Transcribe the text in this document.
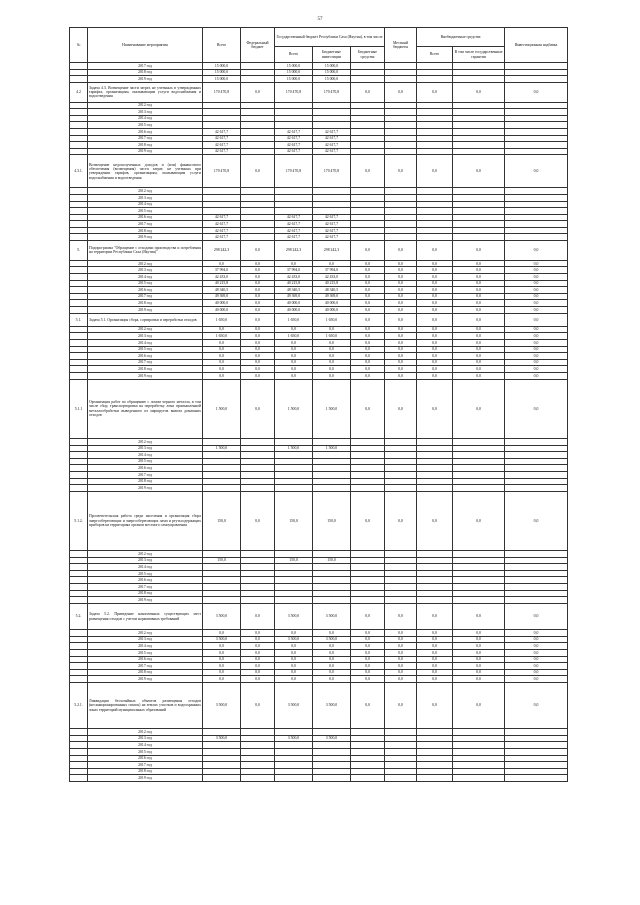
57
№	Наименование мероприятия	Всего	Федеральный бюджет	Государственный бюджет Республики Саха (Якутия), в том числе			Местный бюджеты	Внебюджетные средства		Инвестиционная надбавка
				Всего	Бюджетные инвестиции	Бюджетные средства		Всего	В том числе государственные гарантии	

	2017 год	15 000,0		15 000,0	15 000,0					
	2018 год	15 000,0		15 000,0	15 000,0					
	2019 год	15 000,0		15 000,0	15 000,0					
4.2	Задача 4.3. Возмещение части затрат, не учтенных в утвержденных тарифах, организациям, оказывающим услуги водоснабжения и водоотведения	170 470,8	0,0	170 470,8	170 470,8	0,0	0,0	0,0	0,0	0,0
	2012 год									
	2013 год									
	2014 год									
	2015 год									
	2016 год	42 617,7		42 617,7	42 617,7					
	2017 год	42 617,7		42 617,7	42 617,7					
	2018 год	42 617,7		42 617,7	42 617,7					
	2019 год	42 617,7		42 617,7	42 617,7					
4.3.1.	Возмещение недополученных доходов и (или) финансового обеспечения (возмещения) части затрат, не учтенных при утверждении тарифов, организациям, оказывающим услуги водоснабжения и водоотведения	170 470,8	0,0	170 470,8	170 470,8	0,0	0,0	0,0	0,0	0,0
	2012 год									
	2013 год									
	2014 год									
	2015 год									
	2016 год	42 617,7		42 617,7	42 617,7					
	2017 год	42 617,7		42 617,7	42 617,7					
	2018 год	42 617,7		42 617,7	42 617,7					
	2019 год	42 617,7		42 617,7	42 617,7					
5.	Подпрограмма "Обращение с отходами производства и потребления на территории Республики Саха (Якутия)"	298 242,3	0,0	298 242,3	298 242,3	0,0	0,0	0,0	0,0	0,0
	2012 год	0,0	0,0	0,0	0,0	0,0	0,0	0,0	0,0	0,0
	2013 год	37 994,0	0,0	37 994,0	37 994,0	0,0	0,0	0,0	0,0	0,0
	2014 год	42 433,0	0,0	42 433,0	42 433,0	0,0	0,0	0,0	0,0	0,0
	2015 год	40 215,8	0,0	40 215,8	40 215,8	0,0	0,0	0,0	0,0	0,0
	2016 год	48 340,5	0,0	48 340,5	48 340,5	0,0	0,0	0,0	0,0	0,0
	2017 год	49 369,0	0,0	49 369,0	49 369,0	0,0	0,0	0,0	0,0	0,0
	2018 год	40 000,0	0,0	40 000,0	40 000,0	0,0	0,0	0,0	0,0	0,0
	2019 год	40 000,0	0,0	40 000,0	40 000,0	0,0	0,0	0,0	0,0	0,0
5.1.	Задача 5.1. Организация сбора, сортировки и переработки отходов	1 650,0	0,0	1 650,0	1 650,0	0,0	0,0	0,0	0,0	0,0
	2012 год	0,0	0,0	0,0	0,0	0,0	0,0	0,0	0,0	0,0
	2013 год	1 650,0	0,0	1 650,0	1 650,0	0,0	0,0	0,0	0,0	0,0
	2014 год	0,0	0,0	0,0	0,0	0,0	0,0	0,0	0,0	0,0
	2015 год	0,0	0,0	0,0	0,0	0,0	0,0	0,0	0,0	0,0
	2016 год	0,0	0,0	0,0	0,0	0,0	0,0	0,0	0,0	0,0
	2017 год	0,0	0,0	0,0	0,0	0,0	0,0	0,0	0,0	0,0
	2018 год	0,0	0,0	0,0	0,0	0,0	0,0	0,0	0,0	0,0
	2019 год	0,0	0,0	0,0	0,0	0,0	0,0	0,0	0,0	0,0
5.1.1	Организация работ по обращению с ломом черного металла, в том числе сбор, транспортировка на переработку лома промышленной металлообработки выведенного из маршрутов вывоза домашних отходов	1 500,0	0,0	1 500,0	1 500,0	0,0	0,0	0,0	0,0	0,0
	2012 год									
	2013 год	1 500,0		1 500,0	1 500,0					
	2014 год									
	2015 год									
	2016 год									
	2017 год									
	2018 год									
	2019 год									
5.1.2.	Просветительская работа среди населения и организация сбора энергосберегающих и энергосберегающих ламп и ртутьсодержащих приборов на территориях органов местного самоуправления	150,0	0,0	150,0	150,0	0,0	0,0	0,0	0,0	0,0
	2012 год									
	2013 год	150,0		150,0	150,0					
	2014 год									
	2015 год									
	2016 год									
	2017 год									
	2018 год									
	2019 год									
5.2.	Задача 5.2. Приведение накопленных существующих мест размещения отходов с учетом нормативных требований	3 500,0	0,0	3 500,0	3 500,0	0,0	0,0	0,0	0,0	0,0
	2012 год	0,0	0,0	0,0	0,0	0,0	0,0	0,0	0,0	0,0
	2013 год	3 500,0	0,0	3 500,0	3 500,0	0,0	0,0	0,0	0,0	0,0
	2014 год	0,0	0,0	0,0	0,0	0,0	0,0	0,0	0,0	0,0
	2015 год	0,0	0,0	0,0	0,0	0,0	0,0	0,0	0,0	0,0
	2016 год	0,0	0,0	0,0	0,0	0,0	0,0	0,0	0,0	0,0
	2017 год	0,0	0,0	0,0	0,0	0,0	0,0	0,0	0,0	0,0
	2018 год	0,0	0,0	0,0	0,0	0,0	0,0	0,0	0,0	0,0
	2019 год	0,0	0,0	0,0	0,0	0,0	0,0	0,0	0,0	0,0
5.2.1.	Ликвидация бесхозяйных объектов размещения отходов (несанкционированных свалок) на землях участков и водоохранных зонах территорий муниципальных образований	3 500,0	0,0	3 500,0	3 500,0	0,0	0,0	0,0	0,0	0,0
	2012 год									
	2013 год	3 500,0		3 500,0	3 500,0					
	2014 год									
	2015 год									
	2016 год									
	2017 год									
	2018 год									
	2019 год									
